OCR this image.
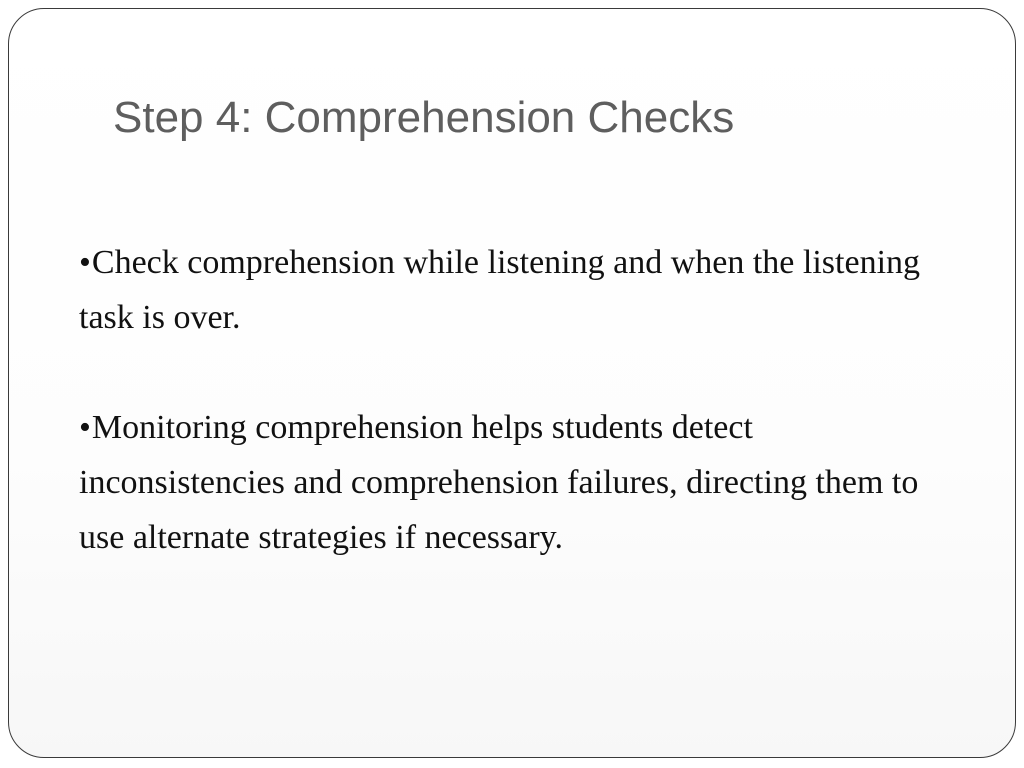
Step 4: Comprehension Checks

•Check comprehension while listening and when the listening task is over.

•Monitoring comprehension helps students detect inconsistencies and comprehension failures, directing them to use alternate strategies if necessary.
